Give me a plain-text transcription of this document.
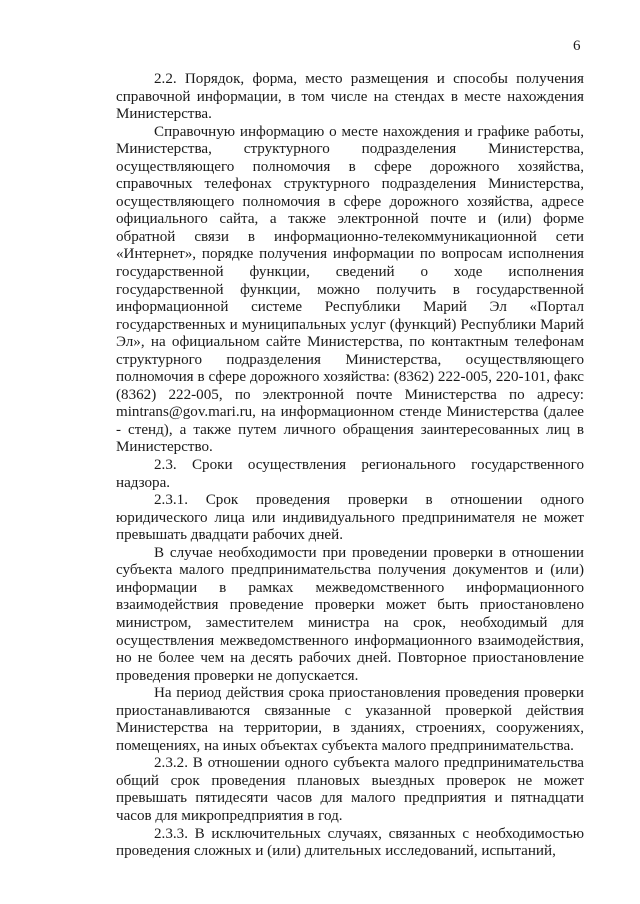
6

2.2. Порядок, форма, место размещения и способы получения справочной информации, в том числе на стендах в месте нахождения Министерства.

Справочную информацию о месте нахождения и графике работы, Министерства, структурного подразделения Министерства, осуществляющего полномочия в сфере дорожного хозяйства, справочных телефонах структурного подразделения Министерства, осуществляющего полномочия в сфере дорожного хозяйства, адресе официального сайта, а также электронной почте и (или) форме обратной связи в информационно-телекоммуникационной сети «Интернет», порядке получения информации по вопросам исполнения государственной функции, сведений о ходе исполнения государственной функции, можно получить в государственной информационной системе Республики Марий Эл «Портал государственных и муниципальных услуг (функций) Республики Марий Эл», на официальном сайте Министерства, по контактным телефонам структурного подразделения Министерства, осуществляющего полномочия в сфере дорожного хозяйства: (8362) 222-005, 220-101, факс (8362) 222-005, по электронной почте Министерства по адресу: mintrans@gov.mari.ru, на информационном стенде Министерства (далее - стенд), а также путем личного обращения заинтересованных лиц в Министерство.

2.3. Сроки осуществления регионального государственного надзора.

2.3.1. Срок проведения проверки в отношении одного юридического лица или индивидуального предпринимателя не может превышать двадцати рабочих дней.

В случае необходимости при проведении проверки в отношении субъекта малого предпринимательства получения документов и (или) информации в рамках межведомственного информационного взаимодействия проведение проверки может быть приостановлено министром, заместителем министра на срок, необходимый для осуществления межведомственного информационного взаимодействия, но не более чем на десять рабочих дней. Повторное приостановление проведения проверки не допускается.

На период действия срока приостановления проведения проверки приостанавливаются связанные с указанной проверкой действия Министерства на территории, в зданиях, строениях, сооружениях, помещениях, на иных объектах субъекта малого предпринимательства.

2.3.2. В отношении одного субъекта малого предпринимательства общий срок проведения плановых выездных проверок не может превышать пятидесяти часов для малого предприятия и пятнадцати часов для микропредприятия в год.

2.3.3. В исключительных случаях, связанных с необходимостью проведения сложных и (или) длительных исследований, испытаний,
